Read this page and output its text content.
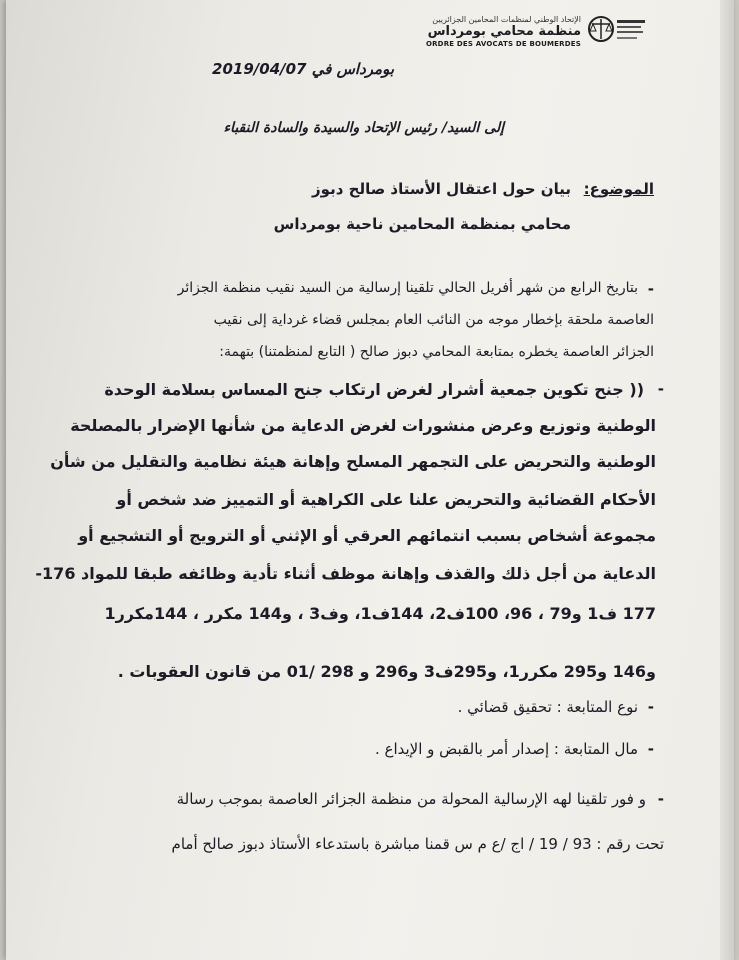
الإتحاد الوطني لمنظمات المحامين الجزائريين
منظمة محامي بومرداس
ORDRE DES AVOCATS DE BOUMERDES
بومرداس في 2019/04/07
إلى السيد/ رئيس الإتحاد والسيدة والسادة النقباء
الموضوع:
بيان حول اعتقال الأستاذ صالح دبوز
محامي بمنظمة المحامين ناحية بومرداس
-
بتاريخ الرابع من شهر أفريل الحالي تلقينا إرسالية من السيد نقيب منظمة الجزائر
العاصمة ملحقة بإخطار موجه من النائب العام بمجلس قضاء غرداية إلى نقيب
الجزائر العاصمة يخطره بمتابعة المحامي دبوز صالح ( التابع لمنظمتنا) بتهمة:
-
(( جنح تكوين جمعية أشرار لغرض ارتكاب جنح المساس بسلامة الوحدة
الوطنية وتوزيع وعرض منشورات لغرض الدعاية من شأنها الإضرار بالمصلحة
الوطنية والتحريض على التجمهر المسلح وإهانة هيئة نظامية والتقليل من شأن
الأحكام القضائية والتحريض علنا على الكراهية أو التمييز ضد شخص أو
مجموعة أشخاص بسبب انتمائهم العرقي أو الإثني أو الترويج أو التشجيع أو
الدعاية من أجل ذلك والقذف وإهانة موظف أثناء تأدية وظائفه طبقا للمواد 176-
177 ف1 و79 ، 96، 100ف2، 144ف1، وف3 ، و144 مكرر ، 144مكرر1
و146 و295 مكرر1، و295ف3 و296 و 298 /01 من قانون العقوبات .
-
نوع المتابعة : تحقيق قضائي .
-
مال المتابعة : إصدار أمر بالقبض و الإيداع .
-
و فور تلقينا لهه الإرسالية المحولة من منظمة الجزائر العاصمة بموجب رسالة
تحت رقم : 93 / 19 / اج /ع م س قمنا مباشرة باستدعاء الأستاذ دبوز صالح أمام
